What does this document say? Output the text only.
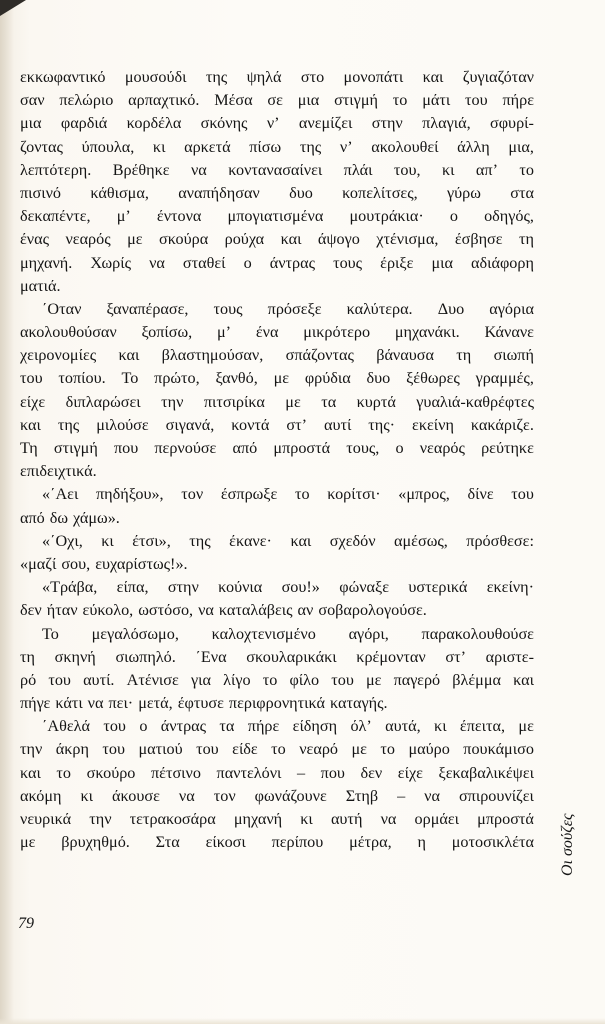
εκκωφαντικό μουσούδι της ψηλά στο μονοπάτι και ζυγιαζόταν
σαν πελώριο αρπαχτικό. Μέσα σε μια στιγμή το μάτι του πήρε
μια φαρδιά κορδέλα σκόνης ν’ ανεμίζει στην πλαγιά, σφυρί-
ζοντας ύπουλα, κι αρκετά πίσω της ν’ ακολουθεί άλλη μια,
λεπτότερη. Βρέθηκε να κοντανασαίνει πλάι του, κι απ’ το
πισινό κάθισμα, αναπήδησαν δυο κοπελίτσες, γύρω στα
δεκαπέντε, μ’ έντονα μπογιατισμένα μουτράκια· ο οδηγός,
ένας νεαρός με σκούρα ρούχα και άψογο χτένισμα, έσβησε τη
μηχανή. Χωρίς να σταθεί ο άντρας τους έριξε μια αδιάφορη
ματιά.
΄Οταν ξαναπέρασε, τους πρόσεξε καλύτερα. Δυο αγόρια
ακολουθούσαν ξοπίσω, μ’ ένα μικρότερο μηχανάκι. Κάνανε
χειρονομίες και βλαστημούσαν, σπάζοντας βάναυσα τη σιωπή
του τοπίου. Το πρώτο, ξανθό, με φρύδια δυο ξέθωρες γραμμές,
είχε διπλαρώσει την πιτσιρίκα με τα κυρτά γυαλιά-καθρέφτες
και της μιλούσε σιγανά, κοντά στ’ αυτί της· εκείνη κακάριζε.
Τη στιγμή που περνούσε από μπροστά τους, ο νεαρός ρεύτηκε
επιδειχτικά.
«΄Αει πηδήξου», τον έσπρωξε το κορίτσι· «μπρος, δίνε του
από δω χάμω».
«΄Οχι, κι έτσι», της έκανε· και σχεδόν αμέσως, πρόσθεσε:
«μαζί σου, ευχαρίστως!».
«Τράβα, είπα, στην κούνια σου!» φώναξε υστερικά εκείνη·
δεν ήταν εύκολο, ωστόσο, να καταλάβεις αν σοβαρολογούσε.
Το μεγαλόσωμο, καλοχτενισμένο αγόρι, παρακολουθούσε
τη σκηνή σιωπηλό. ΄Ενα σκουλαρικάκι κρέμονταν στ’ αριστε-
ρό του αυτί. Ατένισε για λίγο το φίλο του με παγερό βλέμμα και
πήγε κάτι να πει· μετά, έφτυσε περιφρονητικά καταγής.
΄Αθελά του ο άντρας τα πήρε είδηση όλ’ αυτά, κι έπειτα, με
την άκρη του ματιού του είδε το νεαρό με το μαύρο πουκάμισο
και το σκούρο πέτσινο παντελόνι – που δεν είχε ξεκαβαλικέψει
ακόμη κι άκουσε να τον φωνάζουνε Στηβ – να σπιρουνίζει
νευρικά την τετρακοσάρα μηχανή κι αυτή να ορμάει μπροστά
με βρυχηθμό. Στα είκοσι περίπου μέτρα, η μοτοσικλέτα Οι σούζες
79
